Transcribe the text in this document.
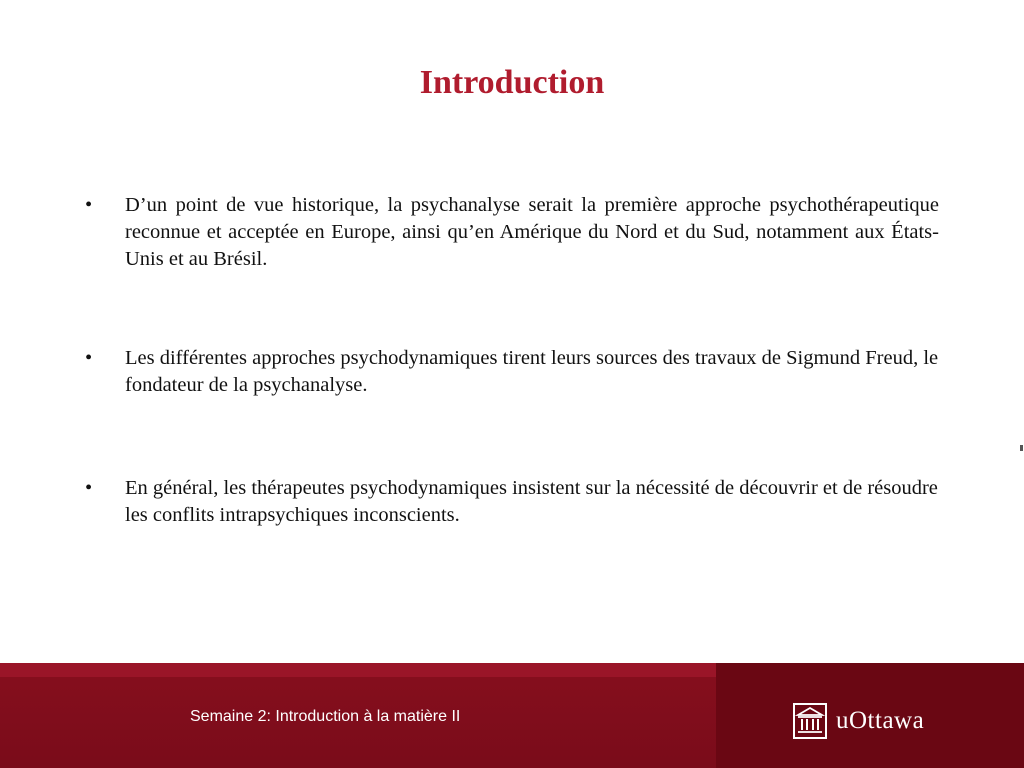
Introduction
•	D’un point de vue historique, la psychanalyse serait la première approche psychothérapeutique reconnue et acceptée en Europe, ainsi qu’en Amérique du Nord et du Sud, notamment aux États-Unis et au Brésil.
•	Les différentes approches psychodynamiques tirent leurs sources des travaux de Sigmund Freud, le fondateur de la psychanalyse.
•	En général, les thérapeutes psychodynamiques insistent sur la nécessité de découvrir et de résoudre les conflits intrapsychiques inconscients.
Semaine 2: Introduction à la matière II	uOttawa
